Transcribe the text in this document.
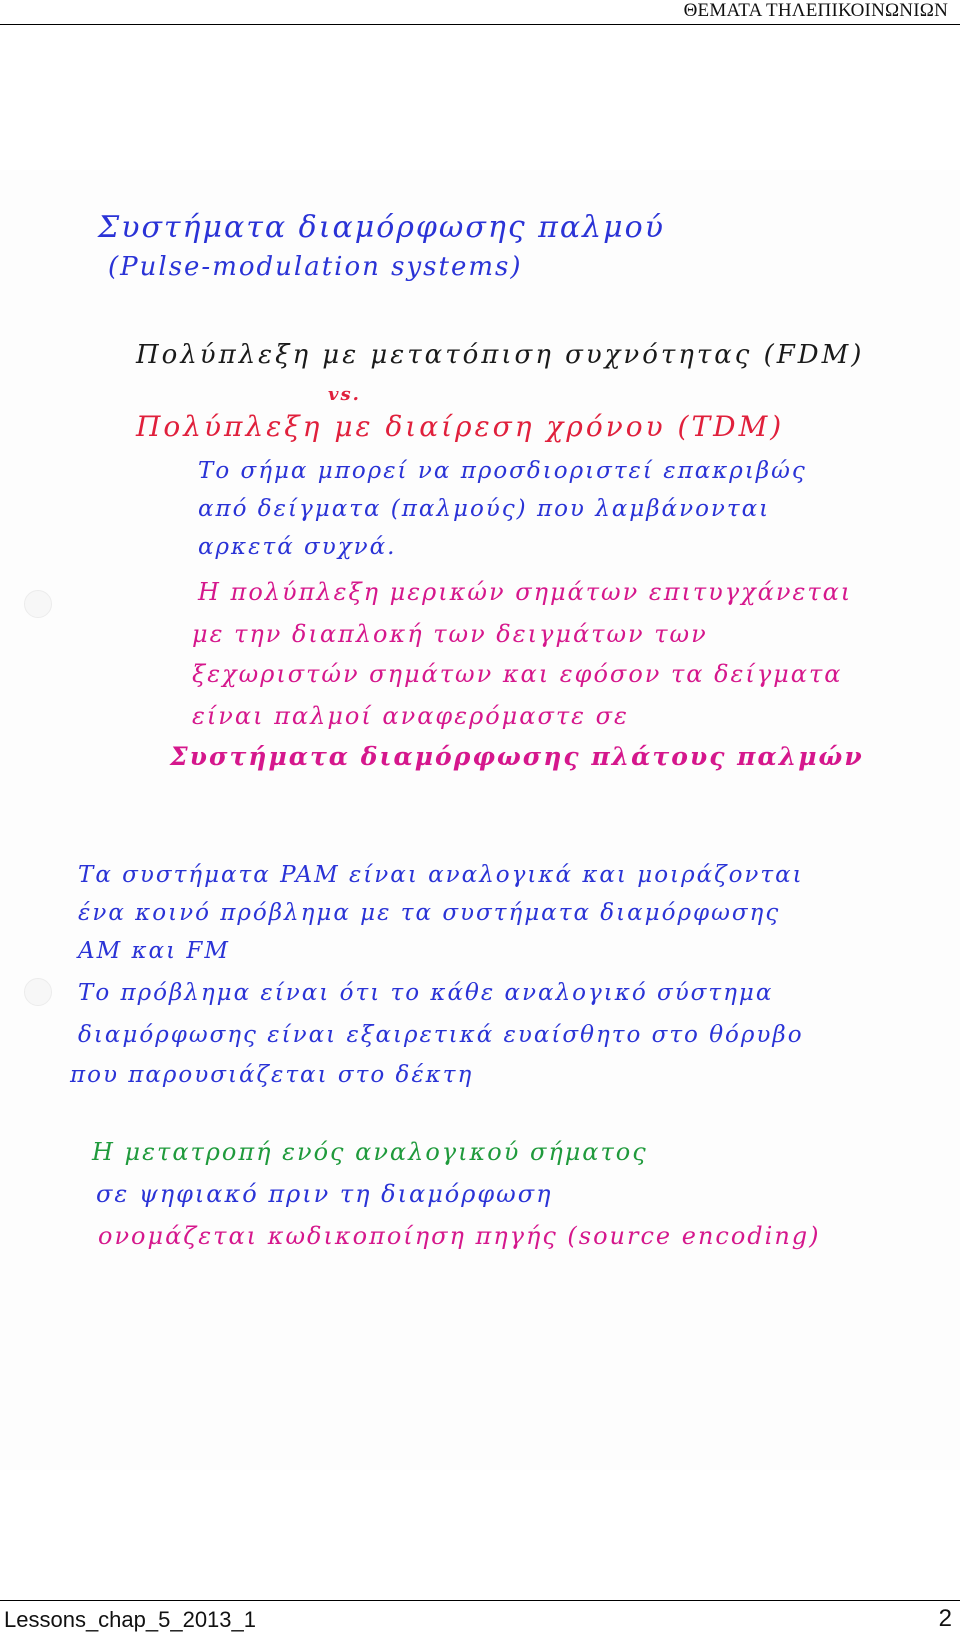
ΘΕΜΑΤΑ ΤΗΛΕΠΙΚΟΙΝΩΝΙΩΝ
Συστήματα διαμόρφωσης παλμού
(Pulse-modulation systems)
Πολύπλεξη με μετατόπιση συχνότητας (FDM)
vs.
Πολύπλεξη με διαίρεση χρόνου (TDM)
Το σήμα μπορεί να προσδιοριστεί επακριβώς
από δείγματα (παλμούς) που λαμβάνονται
αρκετά συχνά.
Η πολύπλεξη μερικών σημάτων επιτυγχάνεται
με την διαπλοκή των δειγμάτων των
ξεχωριστών σημάτων και εφόσον τα δείγματα
είναι παλμοί αναφερόμαστε σε
Συστήματα διαμόρφωσης πλάτους παλμών
Τα συστήματα PAM είναι αναλογικά και μοιράζονται
ένα κοινό πρόβλημα με τα συστήματα διαμόρφωσης
AM και FM
Το πρόβλημα είναι ότι το κάθε αναλογικό σύστημα
διαμόρφωσης είναι εξαιρετικά ευαίσθητο στο θόρυβο
που παρουσιάζεται στο δέκτη
Η μετατροπή ενός αναλογικού σήματος
σε ψηφιακό πριν τη διαμόρφωση
ονομάζεται κωδικοποίηση πηγής (source encoding)
Lessons_chap_5_2013_1	2
